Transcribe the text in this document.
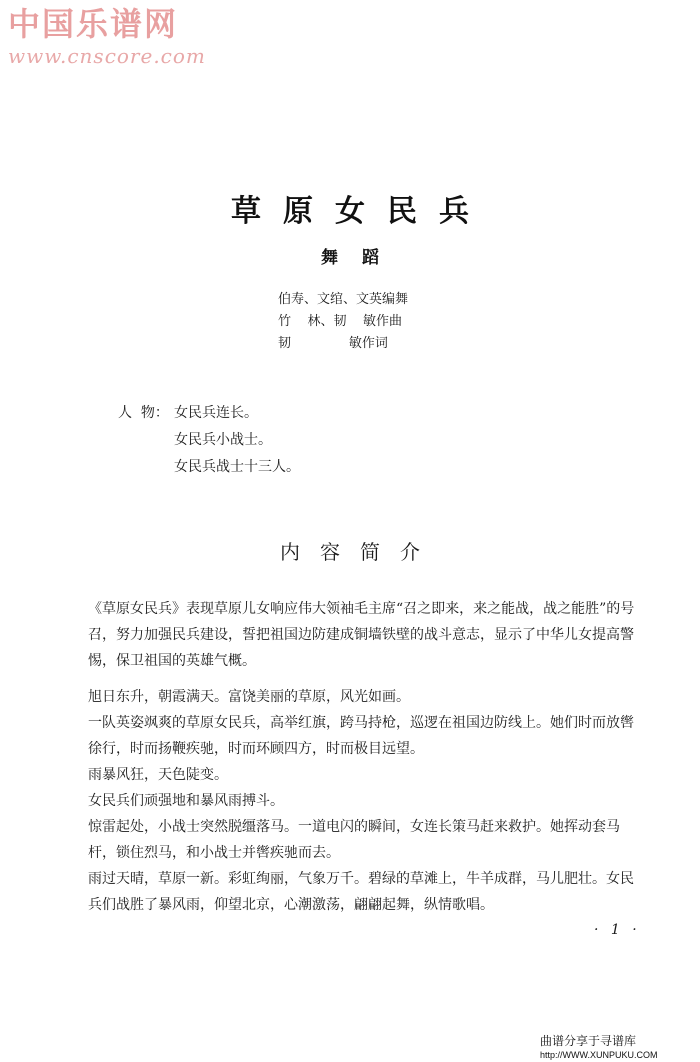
中国乐谱网
www.cnscore.com
草原女民兵
舞蹈
伯寿、文绾、文英编舞
竹    林、韧    敏作曲
韧              敏作词
人  物： 女民兵连长。
女民兵小战士。
女民兵战士十三人。
内容简介

《草原女民兵》表现草原儿女响应伟大领袖毛主席“召之即来，来之能战，战之能胜”的号召，努力加强民兵建设，誓把祖国边防建成铜墙铁壁的战斗意志，显示了中华儿女提高警惕，保卫祖国的英雄气概。

旭日东升，朝霞满天。富饶美丽的草原，风光如画。

一队英姿飒爽的草原女民兵，高举红旗，跨马持枪，巡逻在祖国边防线上。她们时而放辔徐行，时而扬鞭疾驰，时而环顾四方，时而极目远望。

雨暴风狂，天色陡变。

女民兵们顽强地和暴风雨搏斗。

惊雷起处，小战士突然脱缰落马。一道电闪的瞬间，女连长策马赶来救护。她挥动套马杆，锁住烈马，和小战士并辔疾驰而去。

雨过天晴，草原一新。彩虹绚丽，气象万千。碧绿的草滩上，牛羊成群，马儿肥壮。女民兵们战胜了暴风雨，仰望北京，心潮激荡，翩翩起舞，纵情歌唱。

· 1 ·
曲谱分享于寻谱库
http://WWW.XUNPUKU.COM
